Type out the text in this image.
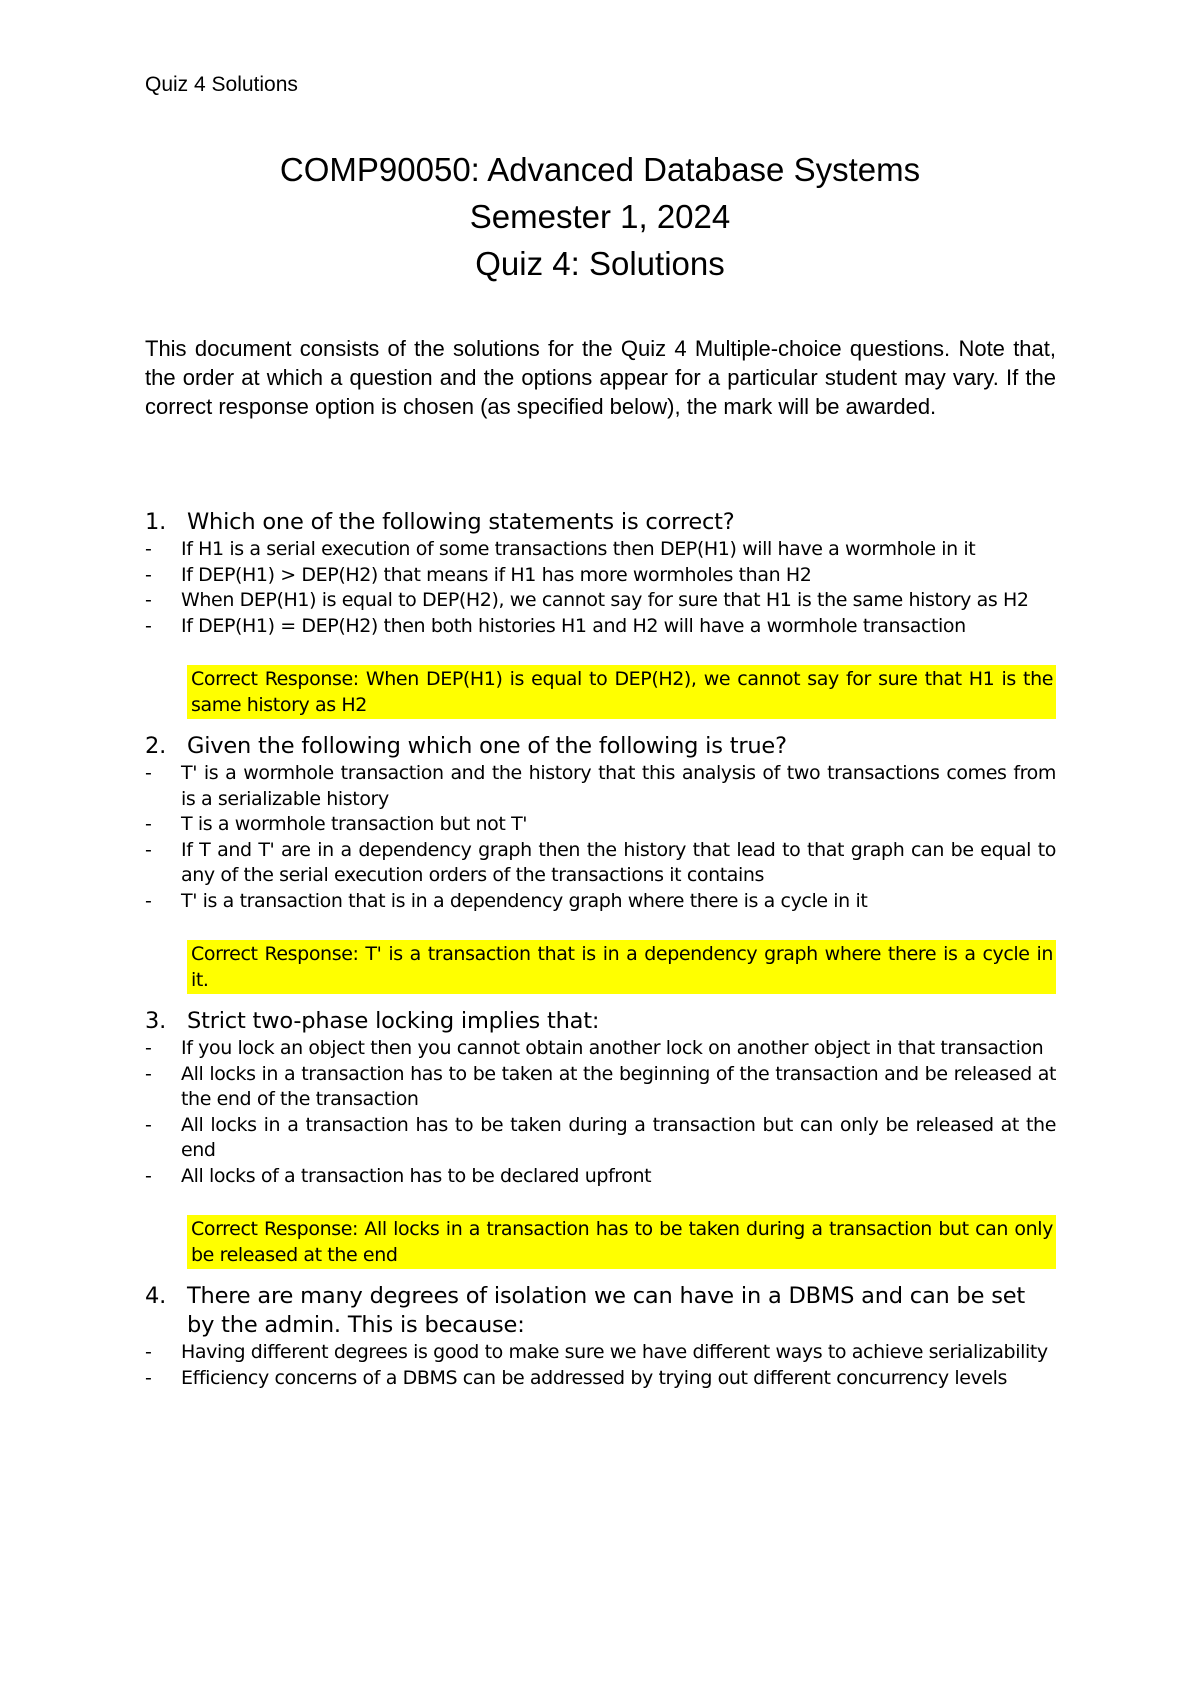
Quiz 4 Solutions
COMP90050: Advanced Database Systems
Semester 1, 2024
Quiz 4: Solutions
This document consists of the solutions for the Quiz 4 Multiple-choice questions. Note that, the order at which a question and the options appear for a particular student may vary. If the correct response option is chosen (as specified below), the mark will be awarded.
1. Which one of the following statements is correct?
-	If H1 is a serial execution of some transactions then DEP(H1) will have a wormhole in it
-	If DEP(H1) > DEP(H2) that means if H1 has more wormholes than H2
-	When DEP(H1) is equal to DEP(H2), we cannot say for sure that H1 is the same history as H2
-	If DEP(H1) = DEP(H2) then both histories H1 and H2 will have a wormhole transaction
Correct Response: When DEP(H1) is equal to DEP(H2), we cannot say for sure that H1 is the same history as H2
2. Given the following which one of the following is true?
-	T' is a wormhole transaction and the history that this analysis of two transactions comes from is a serializable history
-	T is a wormhole transaction but not T'
-	If T and T' are in a dependency graph then the history that lead to that graph can be equal to any of the serial execution orders of the transactions it contains
-	T' is a transaction that is in a dependency graph where there is a cycle in it
Correct Response: T' is a transaction that is in a dependency graph where there is a cycle in it.
3. Strict two-phase locking implies that:
-	If you lock an object then you cannot obtain another lock on another object in that transaction
-	All locks in a transaction has to be taken at the beginning of the transaction and be released at the end of the transaction
-	All locks in a transaction has to be taken during a transaction but can only be released at the end
-	All locks of a transaction has to be declared upfront
Correct Response: All locks in a transaction has to be taken during a transaction but can only be released at the end
4. There are many degrees of isolation we can have in a DBMS and can be set by the admin. This is because:
-	Having different degrees is good to make sure we have different ways to achieve serializability
-	Efficiency concerns of a DBMS can be addressed by trying out different concurrency levels
